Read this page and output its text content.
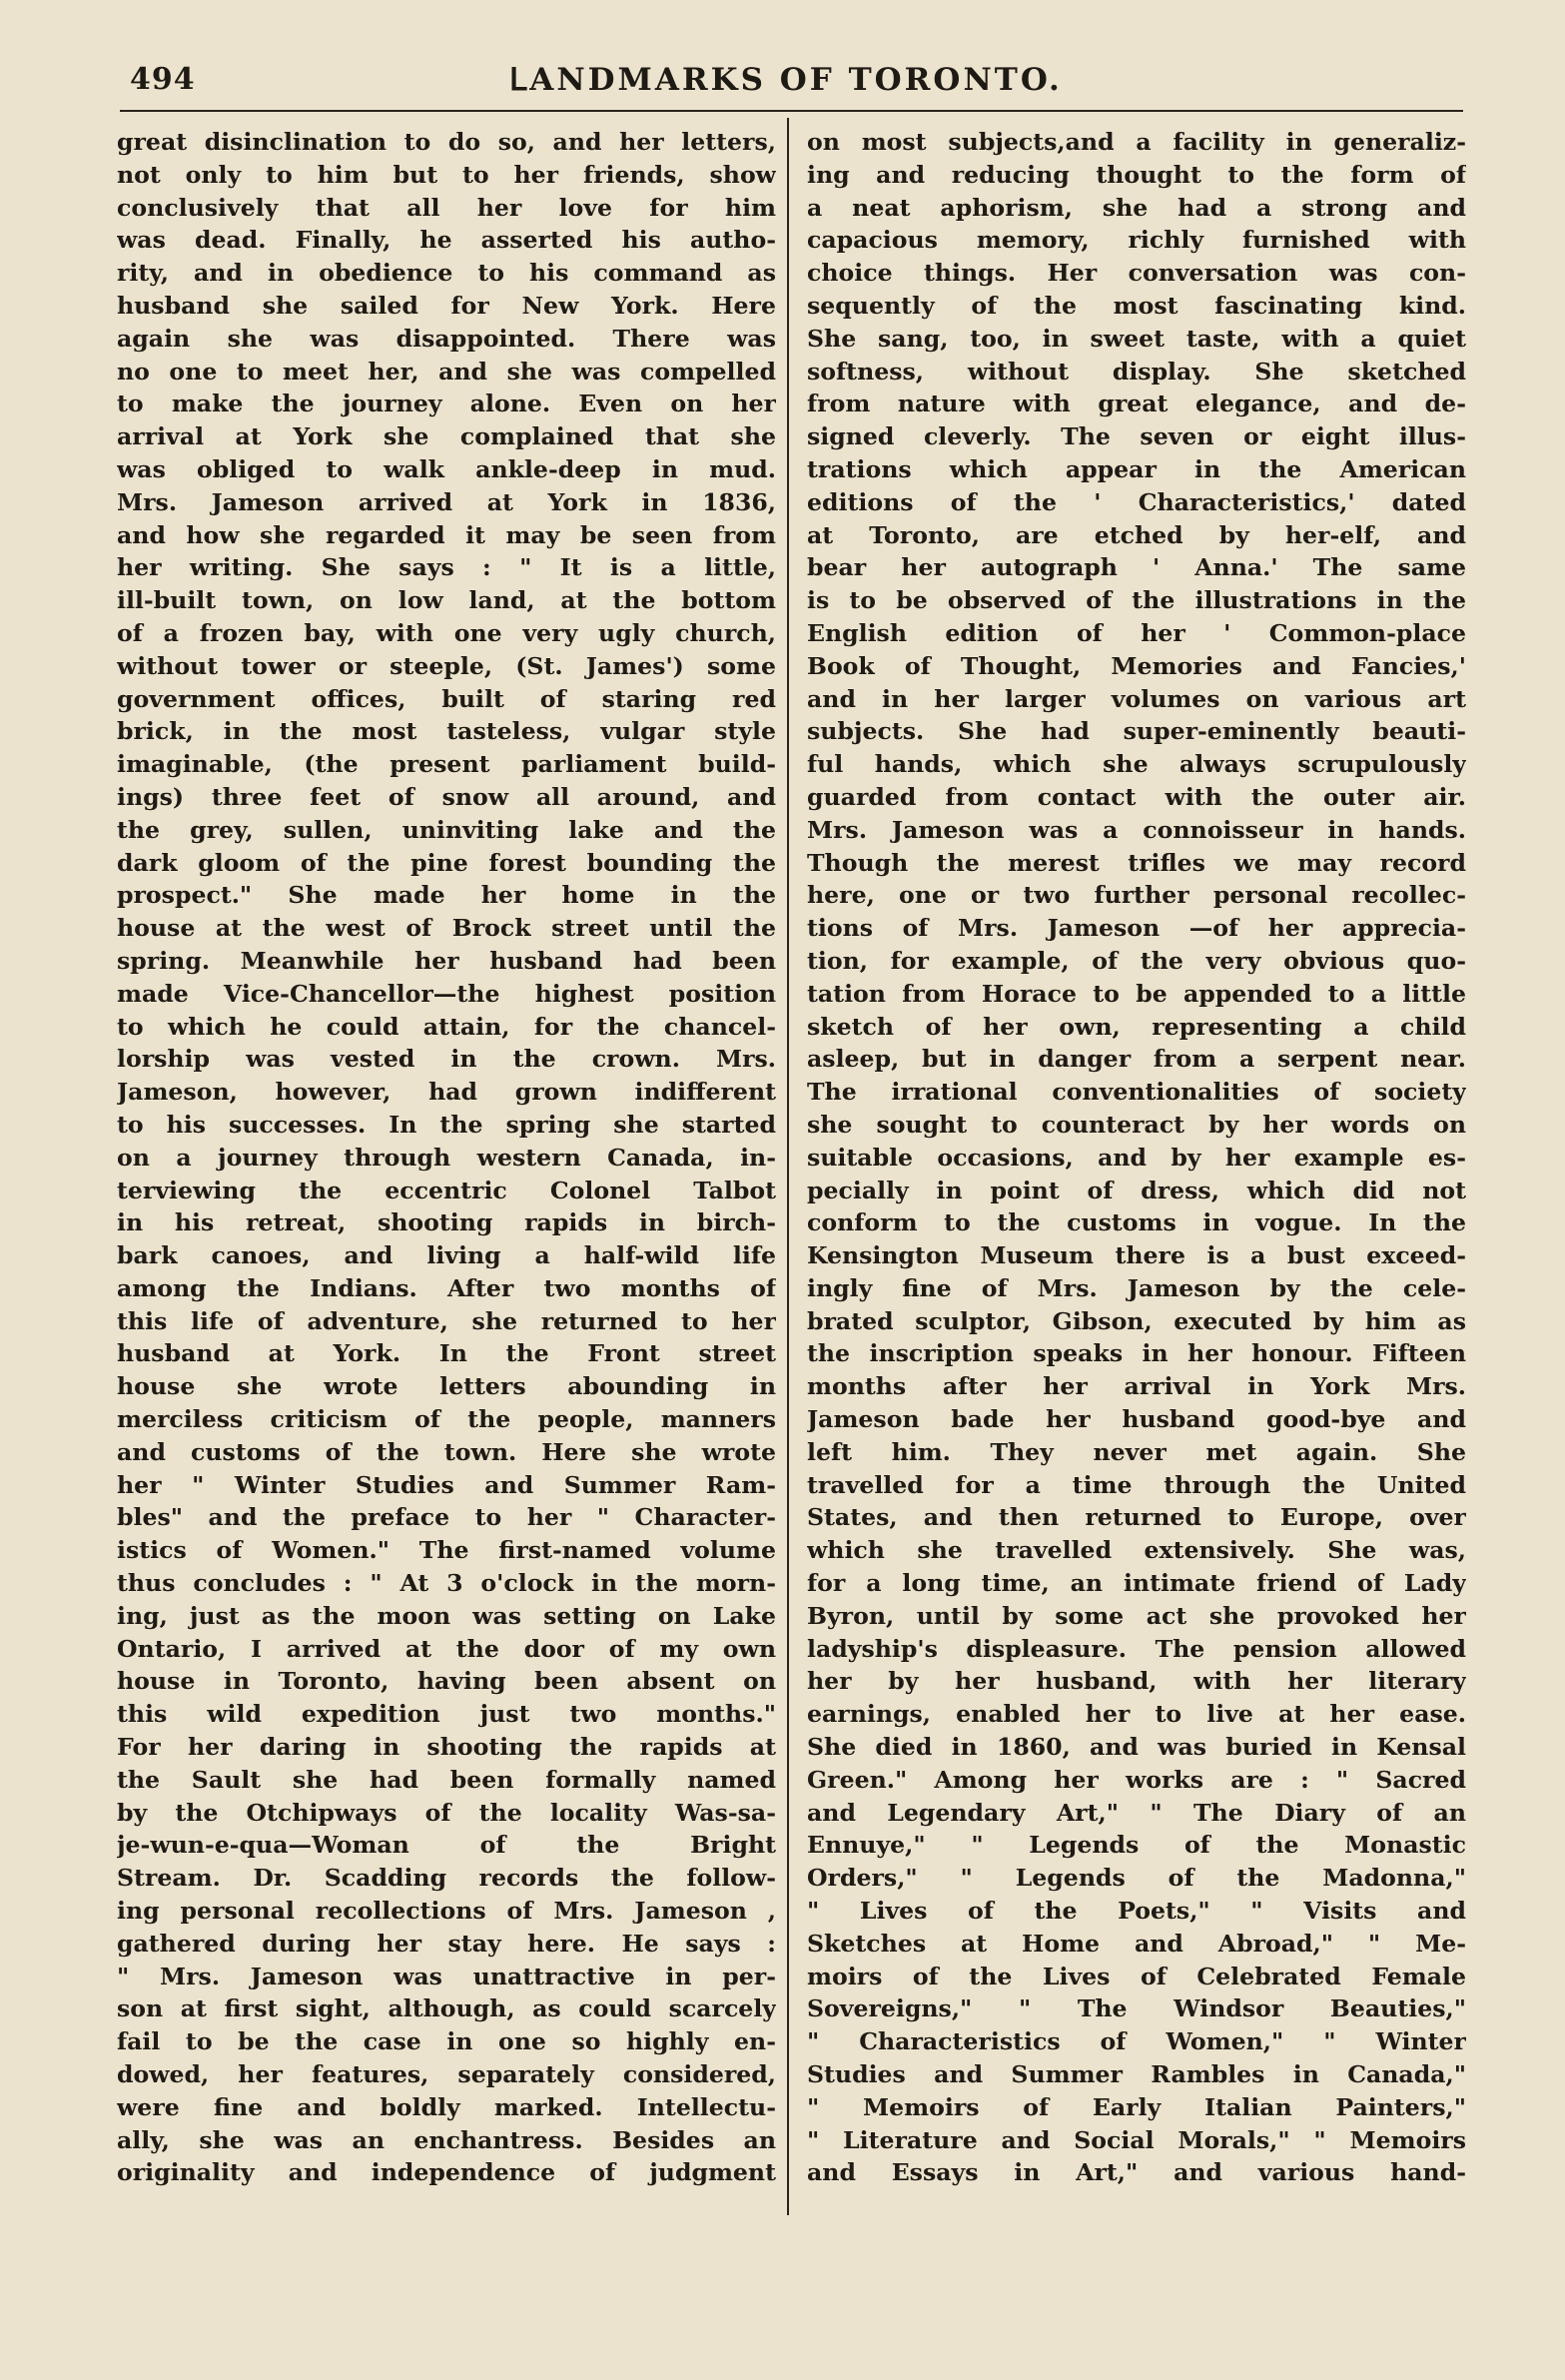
494	ᒪANDMARKS OF TORONTO.
great disinclination to do so, and her letters,
not only to him but to her friends, show
conclusively that all her love for him
was dead. Finally, he asserted his autho-
rity, and in obedience to his command as
husband she sailed for New York. Here
again she was disappointed. There was
no one to meet her, and she was compelled
to make the journey alone. Even on her
arrival at York she complained that she
was obliged to walk ankle-deep in mud.
Mrs. Jameson arrived at York in 1836,
and how she regarded it may be seen from
her writing. She says : " It is a little,
ill-built town, on low land, at the bottom
of a frozen bay, with one very ugly church,
without tower or steeple, (St. James') some
government offices, built of staring red
brick, in the most tasteless, vulgar style
imaginable, (the present parliament build-
ings) three feet of snow all around, and
the grey, sullen, uninviting lake and the
dark gloom of the pine forest bounding the
prospect." She made her home in the
house at the west of Brock street until the
spring. Meanwhile her husband had been
made Vice-Chancellor—the highest position
to which he could attain, for the chancel-
lorship was vested in the crown. Mrs.
Jameson, however, had grown indifferent
to his successes. In the spring she started
on a journey through western Canada, in-
terviewing the eccentric Colonel Talbot
in his retreat, shooting rapids in birch-
bark canoes, and living a half-wild life
among the Indians. After two months of
this life of adventure, she returned to her
husband at York. In the Front street
house she wrote letters abounding in
merciless criticism of the people, manners
and customs of the town. Here she wrote
her " Winter Studies and Summer Ram-
bles" and the preface to her " Character-
istics of Women." The first-named volume
thus concludes : " At 3 o'clock in the morn-
ing, just as the moon was setting on Lake
Ontario, I arrived at the door of my own
house in Toronto, having been absent on
this wild expedition just two months."
For her daring in shooting the rapids at
the Sault she had been formally named
by the Otchipways of the locality Was-sa-
je-wun-e-qua—Woman of the Bright
Stream. Dr. Scadding records the follow-
ing personal recollections of Mrs. Jameson ,
gathered during her stay here. He says :
" Mrs. Jameson was unattractive in per-
son at first sight, although, as could scarcely
fail to be the case in one so highly en-
dowed, her features, separately considered,
were fine and boldly marked. Intellectu-
ally, she was an enchantress. Besides an
originality and independence of judgment
on most subjects,and a facility in generaliz-
ing and reducing thought to the form of
a neat aphorism, she had a strong and
capacious memory, richly furnished with
choice things. Her conversation was con-
sequently of the most fascinating kind.
She sang, too, in sweet taste, with a quiet
softness, without display. She sketched
from nature with great elegance, and de-
signed cleverly. The seven or eight illus-
trations which appear in the American
editions of the ' Characteristics,' dated
at Toronto, are etched by her-elf, and
bear her autograph ' Anna.' The same
is to be observed of the illustrations in the
English edition of her ' Common-place
Book of Thought, Memories and Fancies,'
and in her larger volumes on various art
subjects. She had super-eminently beauti-
ful hands, which she always scrupulously
guarded from contact with the outer air.
Mrs. Jameson was a connoisseur in hands.
Though the merest trifles we may record
here, one or two further personal recollec-
tions of Mrs. Jameson —of her apprecia-
tion, for example, of the very obvious quo-
tation from Horace to be appended to a little
sketch of her own, representing a child
asleep, but in danger from a serpent near.
The irrational conventionalities of society
she sought to counteract by her words on
suitable occasions, and by her example es-
pecially in point of dress, which did not
conform to the customs in vogue. In the
Kensington Museum there is a bust exceed-
ingly fine of Mrs. Jameson by the cele-
brated sculptor, Gibson, executed by him as
the inscription speaks in her honour. Fifteen
months after her arrival in York Mrs.
Jameson bade her husband good-bye and
left him. They never met again. She
travelled for a time through the United
States, and then returned to Europe, over
which she travelled extensively. She was,
for a long time, an intimate friend of Lady
Byron, until by some act she provoked her
ladyship's displeasure. The pension allowed
her by her husband, with her literary
earnings, enabled her to live at her ease.
She died in 1860, and was buried in Kensal
Green." Among her works are : " Sacred
and Legendary Art," " The Diary of an
Ennuye," " Legends of the Monastic
Orders," " Legends of the Madonna,"
" Lives of the Poets," " Visits and
Sketches at Home and Abroad," " Me-
moirs of the Lives of Celebrated Female
Sovereigns," " The Windsor Beauties,"
" Characteristics of Women," " Winter
Studies and Summer Rambles in Canada,"
" Memoirs of Early Italian Painters,"
" Literature and Social Morals," " Memoirs
and Essays in Art," and various hand-
